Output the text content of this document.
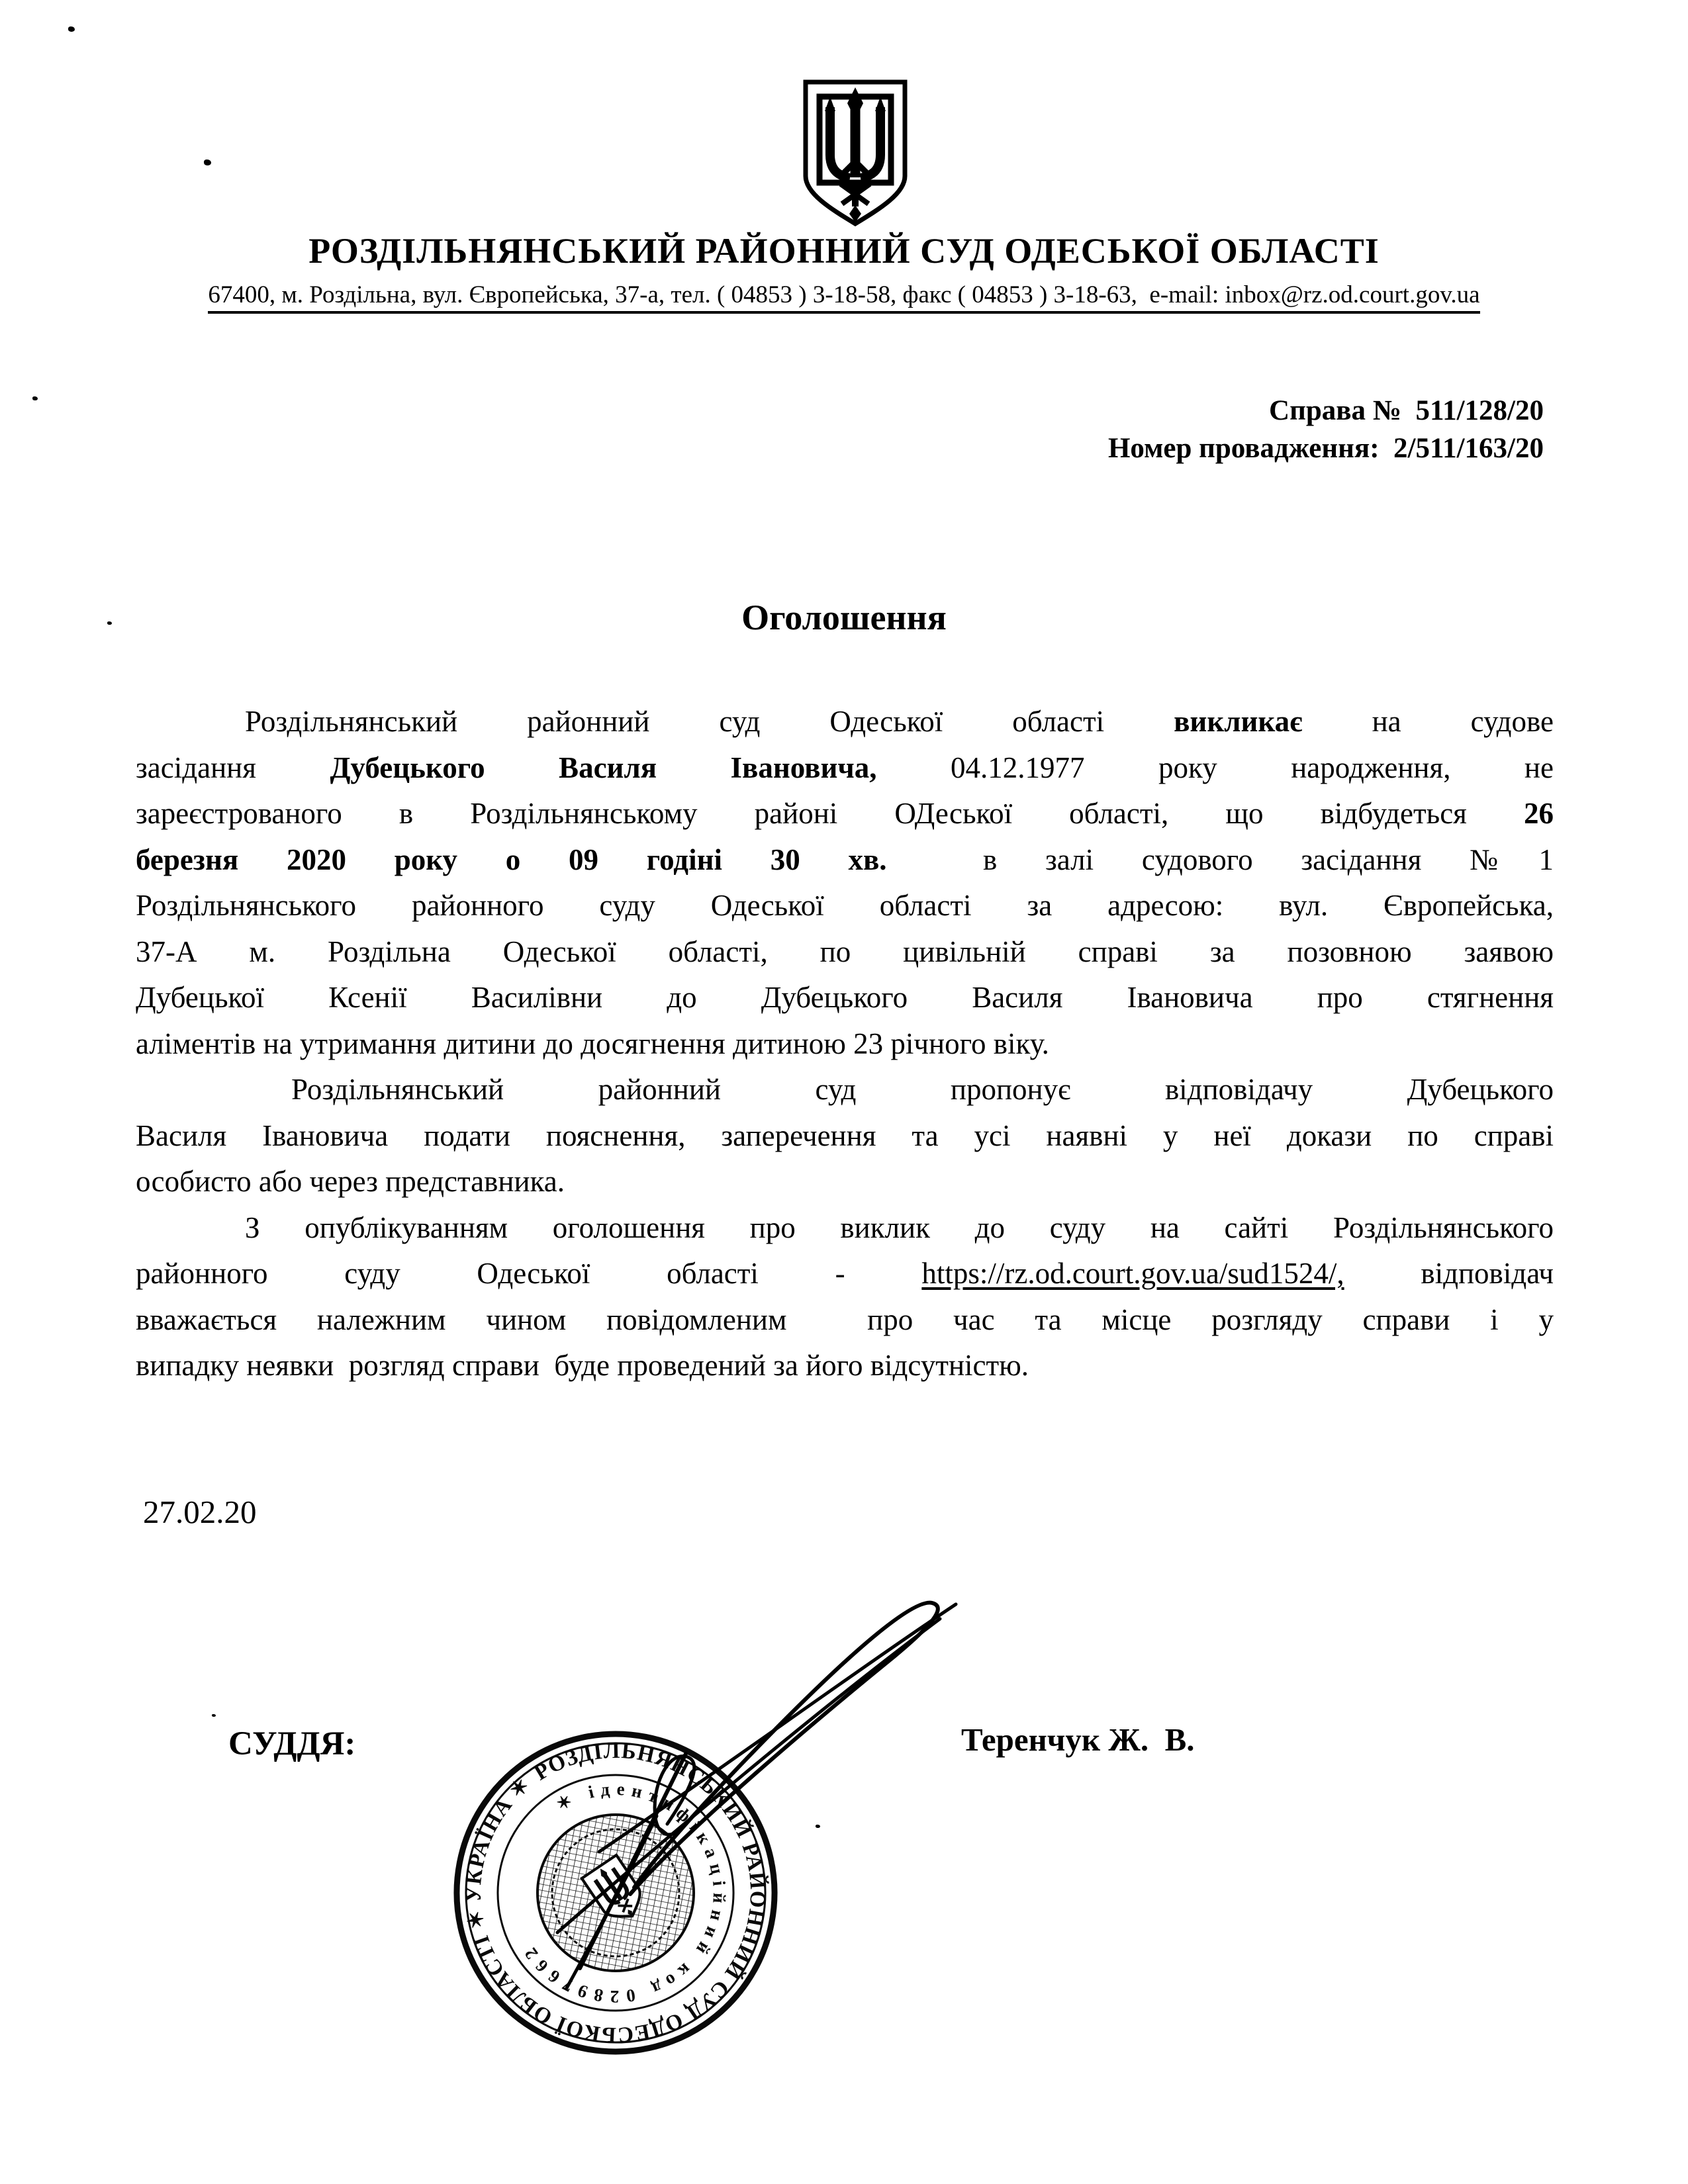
РОЗДІЛЬНЯНСЬКИЙ РАЙОННИЙ СУД ОДЕСЬКОЇ ОБЛАСТІ
67400, м. Роздільна, вул. Європейська, 37-а, тел. ( 04853 ) 3-18-58, факс ( 04853 ) 3-18-63,  e-mail: inbox@rz.od.court.gov.ua
Справа №  511/128/20
Номер провадження:  2/511/163/20
Оголошення
Роздільнянський районний суд Одеської області викликає на судове
засідання Дубецького Василя Івановича, 04.12.1977 року народження, не
зареєстрованого в Роздільнянському районі ОДеської області, що відбудеться 26
березня 2020 року о 09 годіні 30 хв.  в залі судового засідання №1
Роздільнянського районного суду Одеської області за адресою: вул. Європейська,
37-А м. Роздільна Одеської області, по цивільній справі за позовною заявою
Дубецької Ксенії Василівни до Дубецького Василя Івановича про стягнення
аліментів на утримання дитини до досягнення дитиною 23 річного віку.
Роздільнянський районний суд пропонує відповідачу Дубецького
Василя Івановича подати пояснення, заперечення та усі наявні у неї докази по справі
особисто або через представника.
З опублікуванням оголошення про виклик до суду на сайті Роздільнянського
районного суду Одеської області - https://rz.od.court.gov.ua/sud1524/, відповідач
вважається належним чином повідомленим  про час та місце розгляду справи і у
випадку неявки  розгляд справи  буде проведений за його відсутністю.
27.02.20
СУДДЯ:	Теренчук Ж.  В.
РОЗДІЛЬНЯНСЬКИЙ РАЙОННИЙ СУД ОДЕСЬКОЇ ОБЛАСТІ ✶ УКРАЇНА ✶ ✶ ідентифікаційний код 02897662
